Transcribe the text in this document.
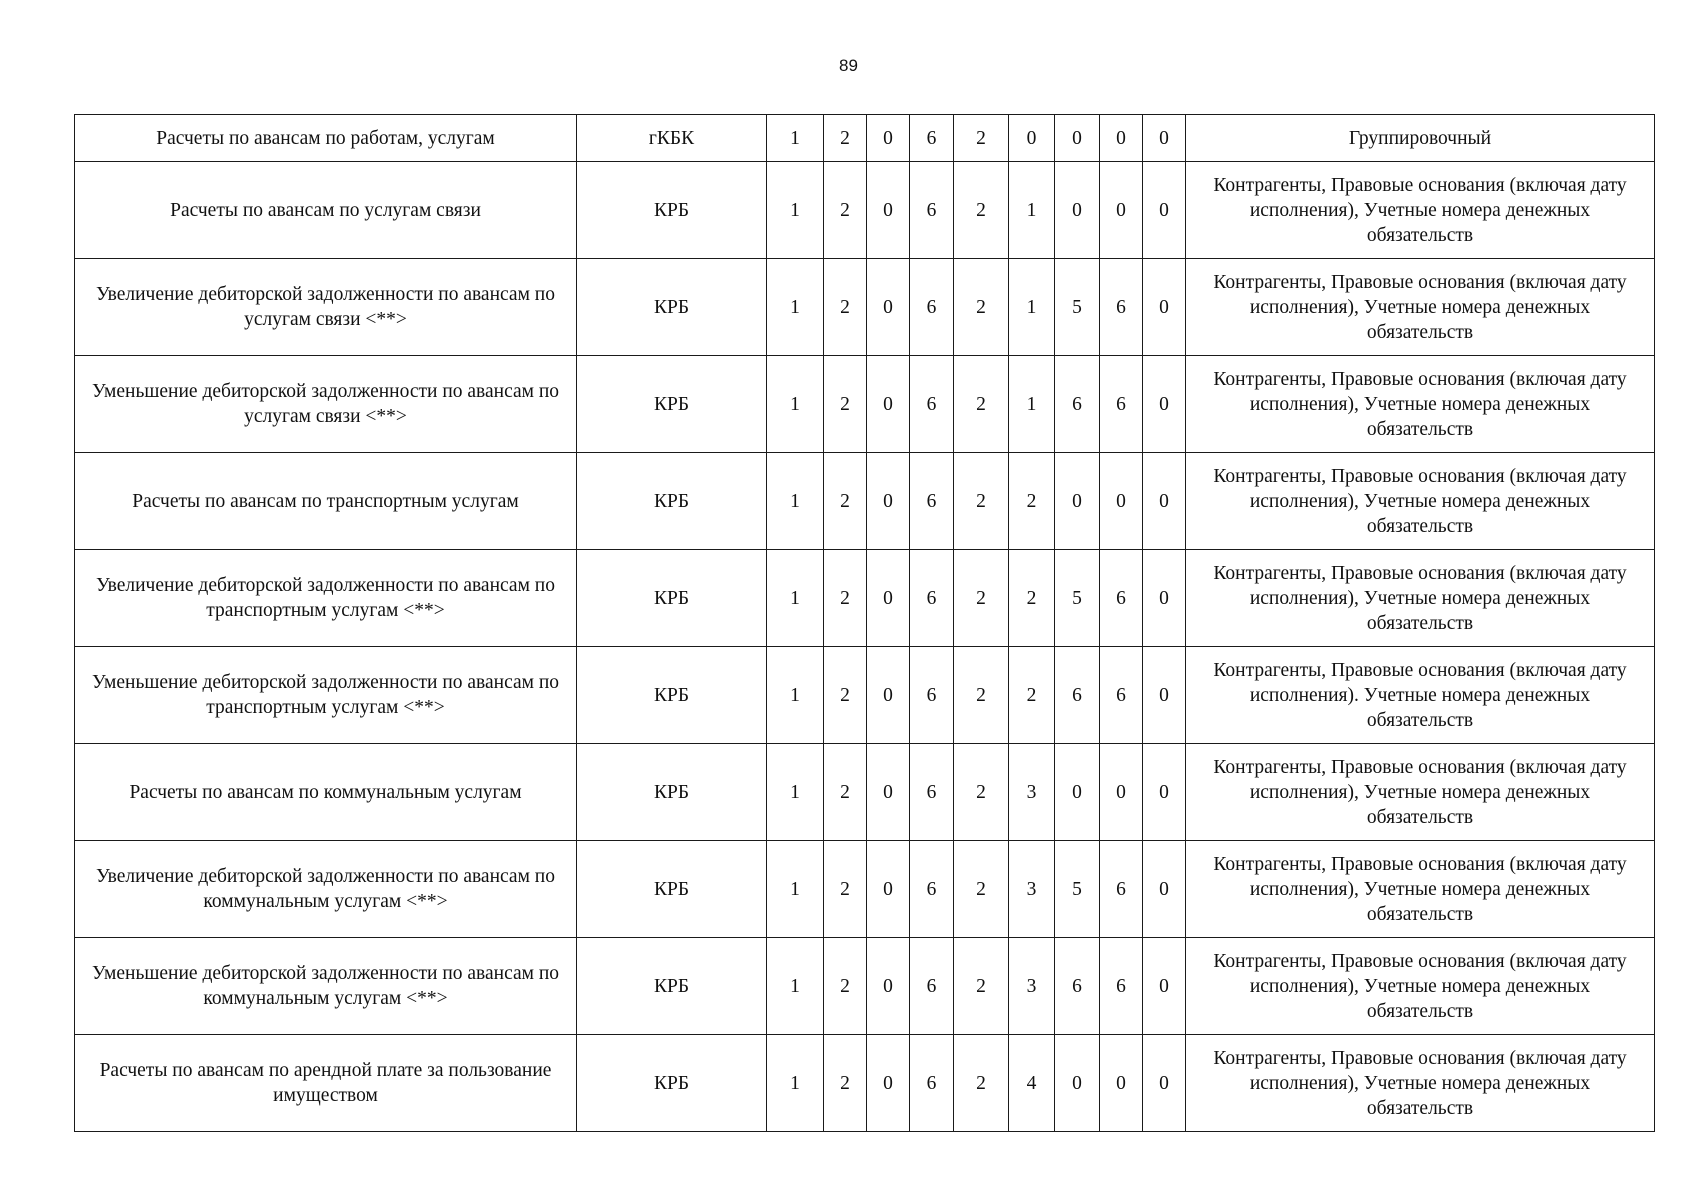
89
Расчеты по авансам по работам, услугам	гКБК	1	2	0	6	2	0	0	0	0	Группировочный
Расчеты по авансам по услугам связи	КРБ	1	2	0	6	2	1	0	0	0	Контрагенты, Правовые основания (включая дату исполнения), Учетные номера денежных обязательств
Увеличение дебиторской задолженности по авансам по услугам связи <**>	КРБ	1	2	0	6	2	1	5	6	0	Контрагенты, Правовые основания (включая дату исполнения), Учетные номера денежных обязательств
Уменьшение дебиторской задолженности по авансам по услугам связи <**>	КРБ	1	2	0	6	2	1	6	6	0	Контрагенты, Правовые основания (включая дату исполнения), Учетные номера денежных обязательств
Расчеты по авансам по транспортным услугам	КРБ	1	2	0	6	2	2	0	0	0	Контрагенты, Правовые основания (включая дату исполнения), Учетные номера денежных обязательств
Увеличение дебиторской задолженности по авансам по транспортным услугам <**>	КРБ	1	2	0	6	2	2	5	6	0	Контрагенты, Правовые основания (включая дату исполнения), Учетные номера денежных обязательств
Уменьшение дебиторской задолженности по авансам по транспортным услугам <**>	КРБ	1	2	0	6	2	2	6	6	0	Контрагенты, Правовые основания (включая дату исполнения). Учетные номера денежных обязательств
Расчеты по авансам по коммунальным услугам	КРБ	1	2	0	6	2	3	0	0	0	Контрагенты, Правовые основания (включая дату исполнения), Учетные номера денежных обязательств
Увеличение дебиторской задолженности по авансам по коммунальным услугам <**>	КРБ	1	2	0	6	2	3	5	6	0	Контрагенты, Правовые основания (включая дату исполнения), Учетные номера денежных обязательств
Уменьшение дебиторской задолженности по авансам по коммунальным услугам <**>	КРБ	1	2	0	6	2	3	6	6	0	Контрагенты, Правовые основания (включая дату исполнения), Учетные номера денежных обязательств
Расчеты по авансам по арендной плате за пользование имуществом	КРБ	1	2	0	6	2	4	0	0	0	Контрагенты, Правовые основания (включая дату исполнения), Учетные номера денежных обязательств
